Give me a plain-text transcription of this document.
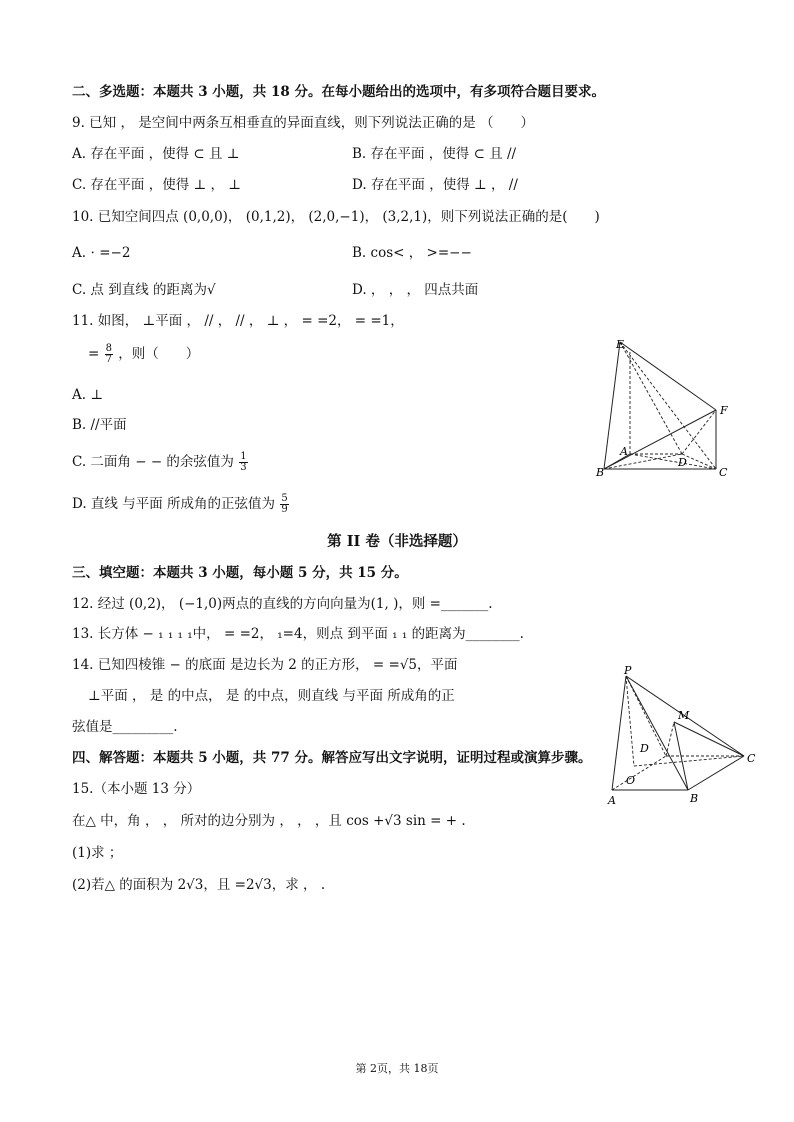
二、多选题：本题共 3 小题，共 18 分。在每小题给出的选项中，有多项符合题目要求。
9. 已知 ， 是空间中两条互相垂直的异面直线，则下列说法正确的是 （　　）
A. 存在平面 ，使得 ⊂ 且 ⊥	B. 存在平面 ，使得 ⊂ 且 //
C. 存在平面 ，使得 ⊥ ， ⊥	D. 存在平面 ，使得 ⊥ ， //
10. 已知空间四点 (0,0,0)， (0,1,2)， (2,0,−1)， (3,2,1)，则下列说法正确的是(　　)
A. ⋅ =−2	B. cos< ， >=−−
C. 点 到直线 的距离为√	D. ， ， ， 四点共面
11. 如图， ⊥平面 ， // ， // ， ⊥ ， = =2， = =1，
= $\frac{8}{7}$ ，则（　　）
A. ⊥
B. //平面
C. 二面角 − − 的余弦值为 $\frac{1}{3}$
D. 直线 与平面 所成角的正弦值为 $\frac{5}{9}$
E
F
A
D
B	C
第 II 卷（非选择题）
三、填空题：本题共 3 小题，每小题 5 分，共 15 分。
12. 经过 (0,2)， (−1,0)两点的直线的方向向量为(1, )，则 =_______.
13. 长方体 − ₁ ₁ ₁ ₁中， = =2， ₁=4，则点 到平面 ₁ ₁ 的距离为________.
14. 已知四棱锥 − 的底面 是边长为 2 的正方形， = =√5，平面
⊥平面 ， 是 的中点， 是 的中点，则直线 与平面 所成角的正
弦值是_________.
P
M
D
C
O
A	B
四、解答题：本题共 5 小题，共 77 分。解答应写出文字说明，证明过程或演算步骤。
15.（本小题 13 分）
在△ 中，角 ， ， 所对的边分别为 ， ， ，且 cos +√3 sin = + .
(1)求 ；
(2)若△ 的面积为 2√3，且 =2√3，求 ， .
第 2页，共 18页
